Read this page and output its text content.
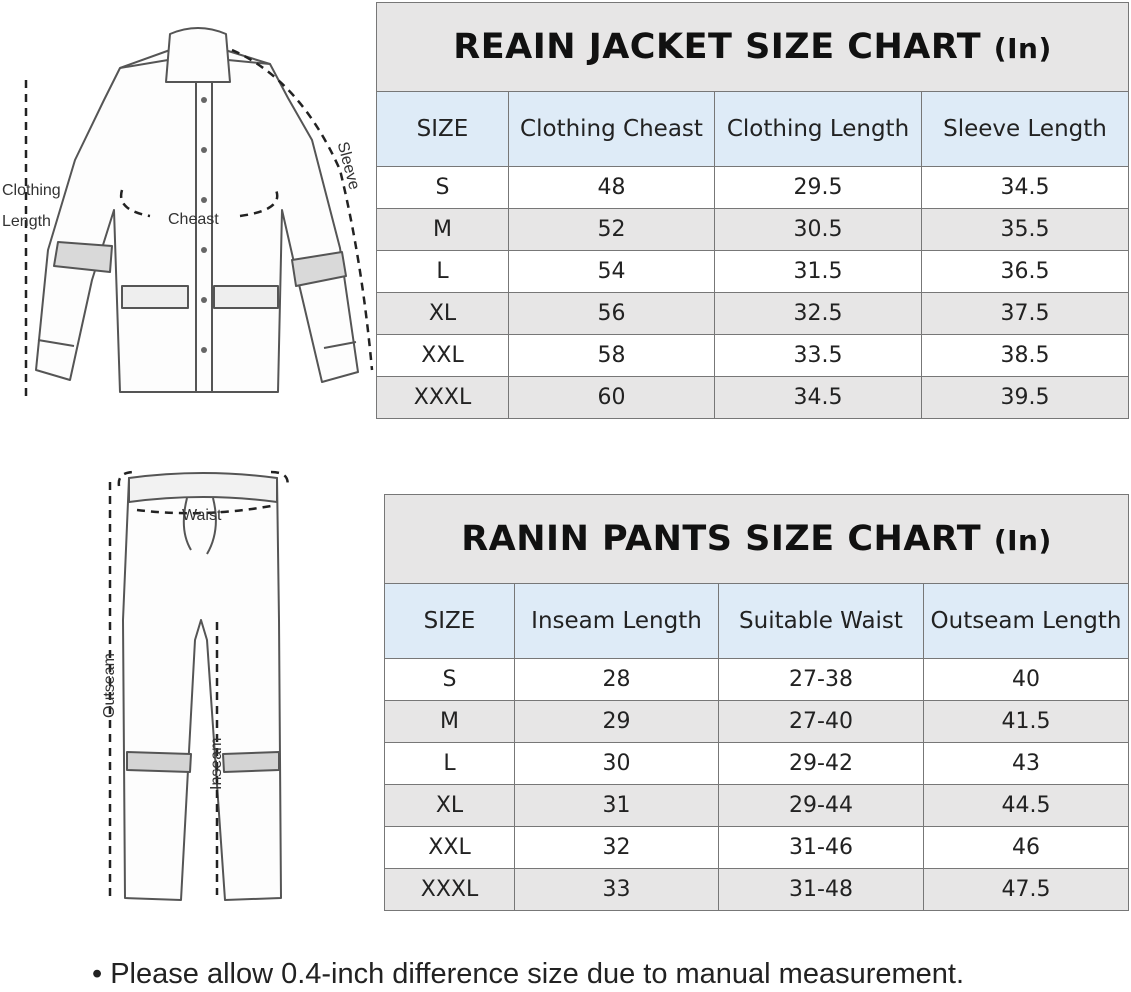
Clothing
Length	Cheast
Sleeve
REAIN JACKET SIZE CHART (In)			
SIZE	Clothing Cheast	Clothing Length	Sleeve Length
S	48	29.5	34.5
M	52	30.5	35.5
L	54	31.5	36.5
XL	56	32.5	37.5
XXL	58	33.5	38.5
XXXL	60	34.5	39.5
Waist
Outseam
Inseam
RANIN PANTS SIZE CHART (In)			
SIZE	Inseam Length	Suitable Waist	Outseam Length
S	28	27-38	40
M	29	27-40	41.5
L	30	29-42	43
XL	31	29-44	44.5
XXL	32	31-46	46
XXXL	33	31-48	47.5
• Please allow 0.4-inch difference size due to manual measurement.
